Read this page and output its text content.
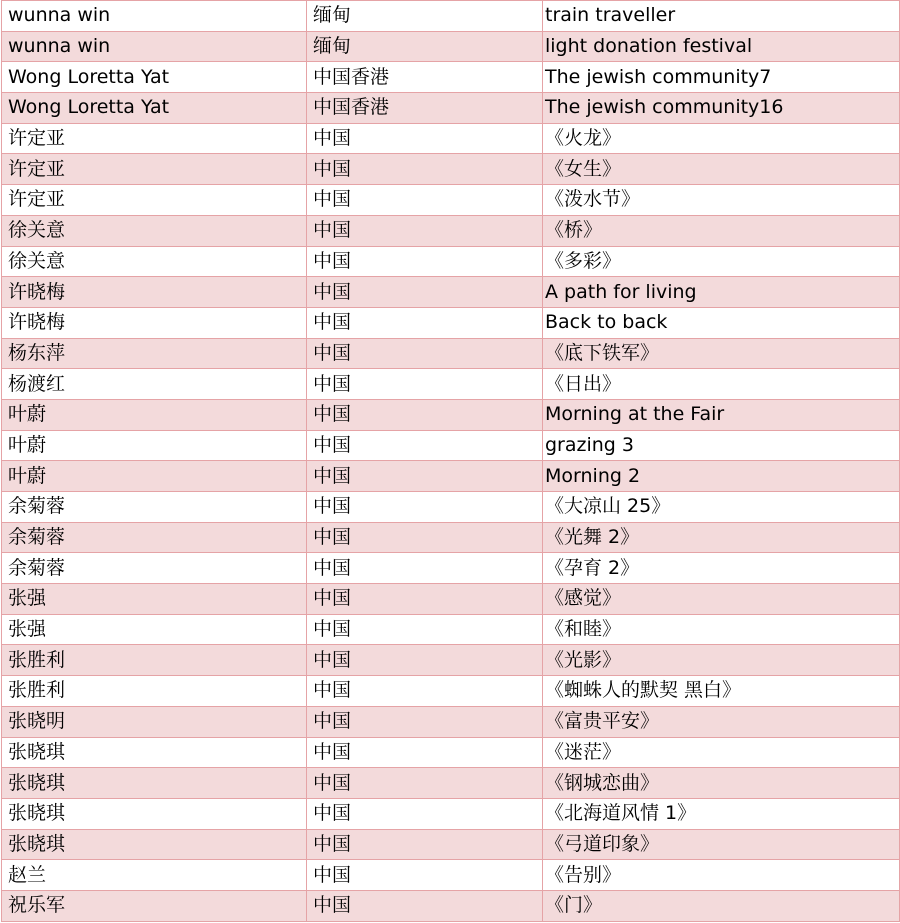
wunna win	缅甸	train traveller
wunna win	缅甸	light donation festival
Wong Loretta Yat	中国香港	The jewish community7
Wong Loretta Yat	中国香港	The jewish community16
许定亚	中国	《火龙》
许定亚	中国	《女生》
许定亚	中国	《泼水节》
徐关意	中国	《桥》
徐关意	中国	《多彩》
许晓梅	中国	A path for living
许晓梅	中国	Back to back
杨东萍	中国	《底下铁军》
杨渡红	中国	《日出》
叶蔚	中国	Morning at the Fair
叶蔚	中国	grazing 3
叶蔚	中国	Morning 2
余菊蓉	中国	《大凉山 25》
余菊蓉	中国	《光舞 2》
余菊蓉	中国	《孕育 2》
张强	中国	《感觉》
张强	中国	《和睦》
张胜利	中国	《光影》
张胜利	中国	《蜘蛛人的默契 黑白》
张晓明	中国	《富贵平安》
张晓琪	中国	《迷茫》
张晓琪	中国	《钢城恋曲》
张晓琪	中国	《北海道风情 1》
张晓琪	中国	《弓道印象》
赵兰	中国	《告别》
祝乐军	中国	《门》
